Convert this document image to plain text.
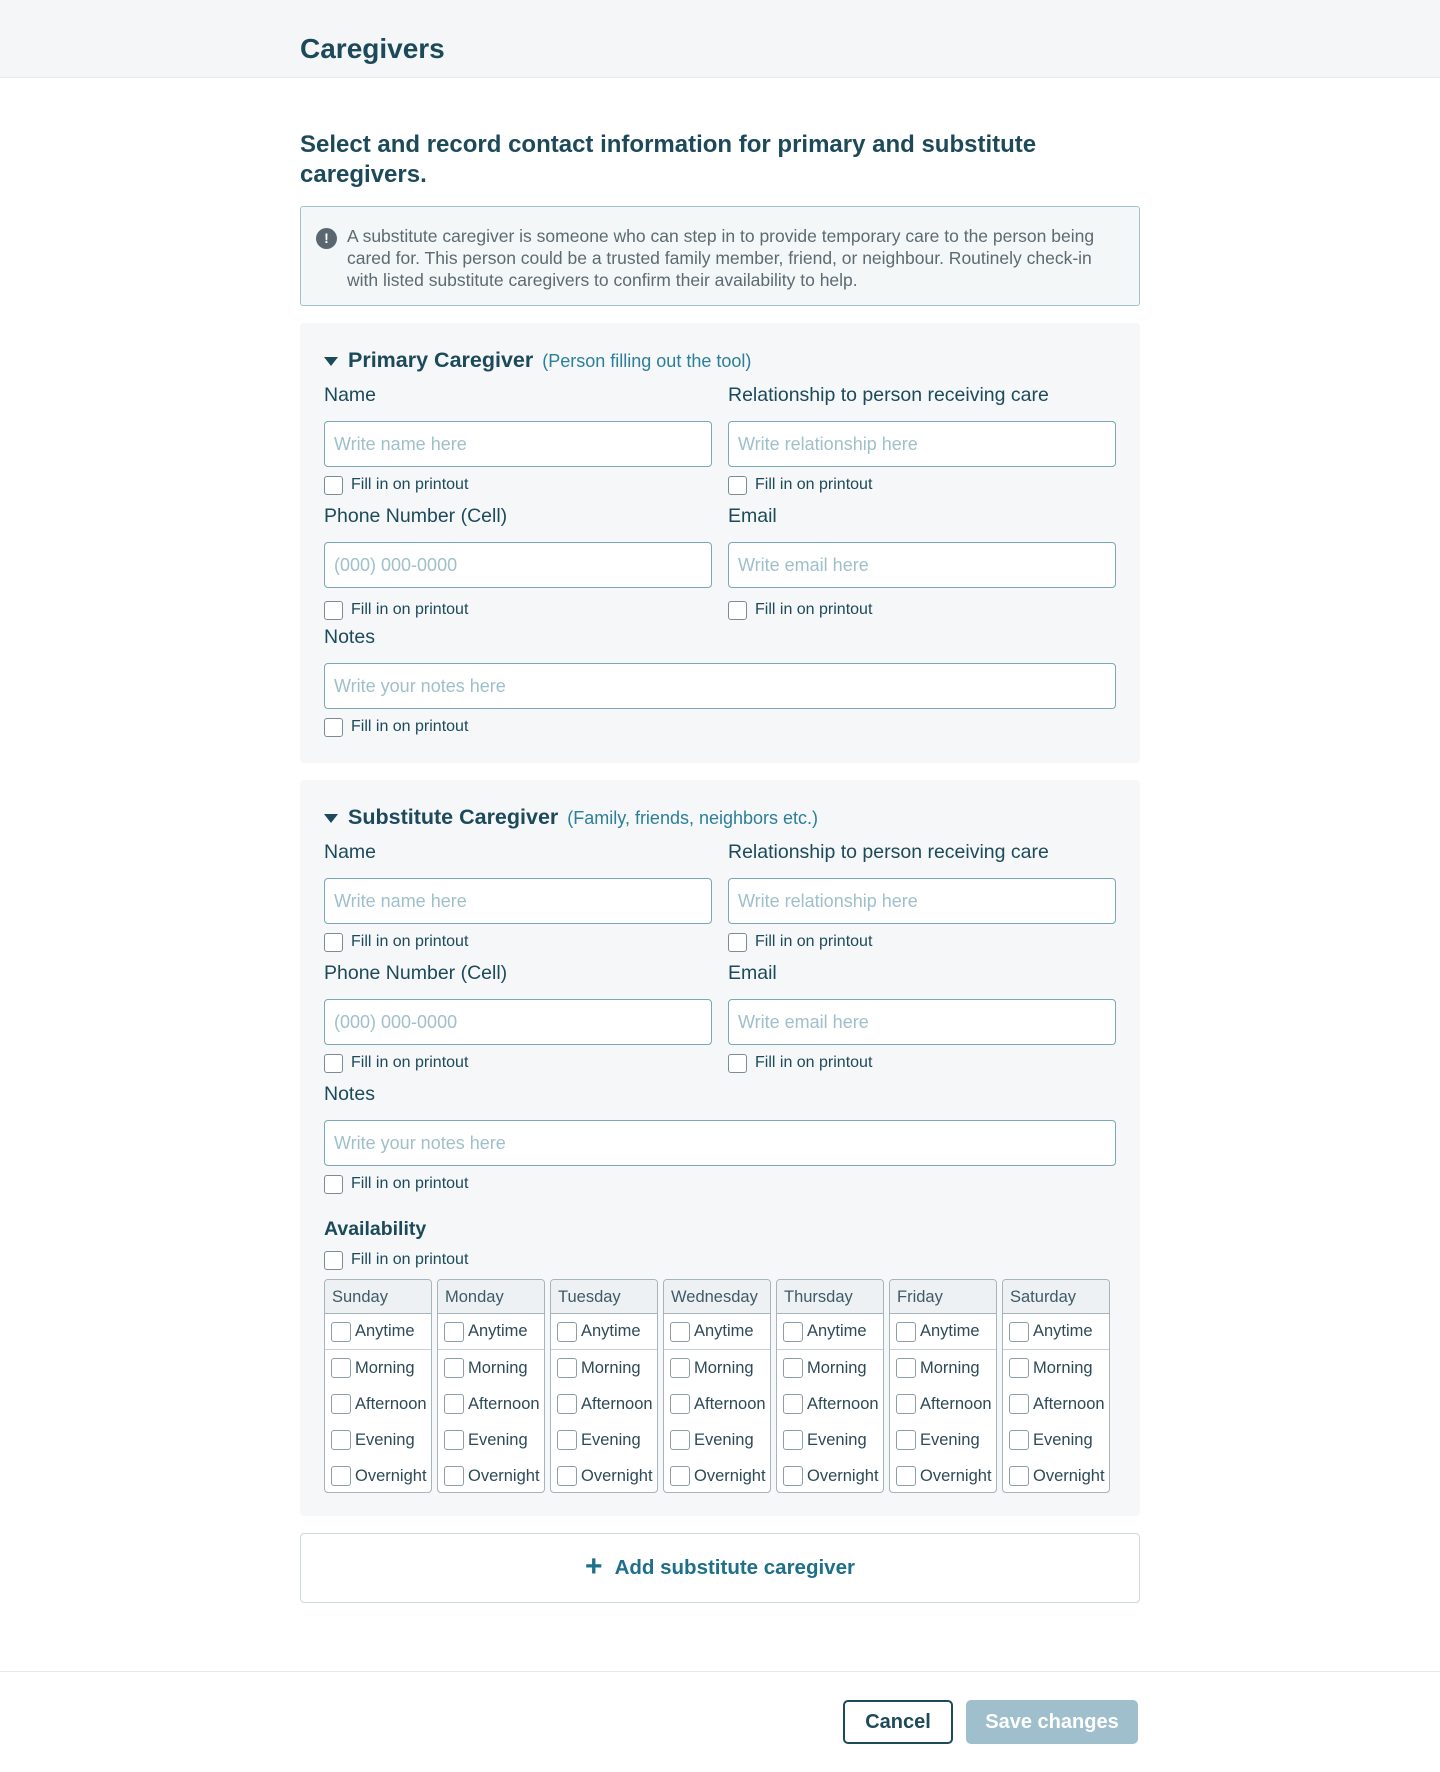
Caregivers
Select and record contact information for primary and substitute caregivers.
!	A substitute caregiver is someone who can step in to provide temporary care to the person being cared for. This person could be a trusted family member, friend, or neighbour. Routinely check-in with listed substitute caregivers to confirm their availability to help.

Primary Caregiver (Person filling out the tool)
Name
Write name here
Fill in on printout
Relationship to person receiving care
Write relationship here
Fill in on printout
Phone Number (Cell)
(000) 000-0000
Fill in on printout
Email
Write email here
Fill in on printout
Notes
Write your notes here
Fill in on printout
Substitute Caregiver (Family, friends, neighbors etc.)
Name
Write name here
Fill in on printout
Relationship to person receiving care
Write relationship here
Fill in on printout
Phone Number (Cell)
(000) 000-0000
Fill in on printout
Email
Write email here
Fill in on printout
Notes
Write your notes here
Fill in on printout
Availability
Fill in on printout
Sunday
Anytime
Morning
Afternoon
Evening
Overnight
Monday
Anytime
Morning
Afternoon
Evening
Overnight
Tuesday
Anytime
Morning
Afternoon
Evening
Overnight
Wednesday
Anytime
Morning
Afternoon
Evening
Overnight
Thursday
Anytime
Morning
Afternoon
Evening
Overnight
Friday
Anytime
Morning
Afternoon
Evening
Overnight
Saturday
Anytime
Morning
Afternoon
Evening
Overnight
+ Add substitute caregiver
Cancel	Save changes
